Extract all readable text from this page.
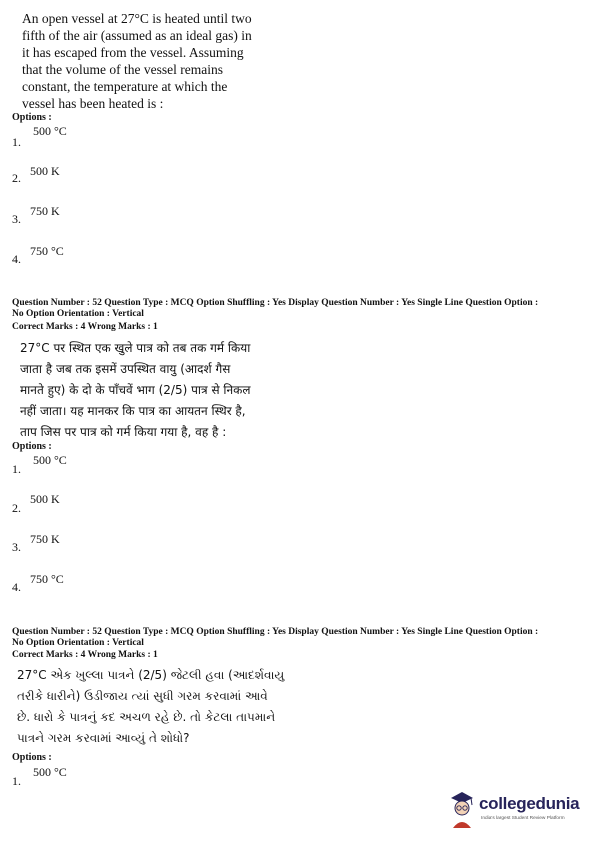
An open vessel at 27°C is heated until two
fifth of the air (assumed as an ideal gas) in
it has escaped from the vessel. Assuming
that the volume of the vessel remains
constant, the temperature at which the
vessel has been heated is :
Options :
1.
500 °C
2. 500 K
3.
750 K
4.
750 °C
Question Number : 52 Question Type : MCQ Option Shuffling : Yes Display Question Number : Yes Single Line Question Option :
No Option Orientation : Vertical
Correct Marks : 4 Wrong Marks : 1
27°C पर स्थित एक खुले पात्र को तब तक गर्म किया
जाता है जब तक इसमें उपस्थित वायु (आदर्श गैस
मानते हुए) के दो के पाँचवें भाग (2/5) पात्र से निकल
नहीं जाता। यह मानकर कि पात्र का आयतन स्थिर है,
ताप जिस पर पात्र को गर्म किया गया है, वह है :
Options :
1.
500 °C
2.
500 K
3.
750 K
4.
750 °C
Question Number : 52 Question Type : MCQ Option Shuffling : Yes Display Question Number : Yes Single Line Question Option :
No Option Orientation : Vertical
Correct Marks : 4 Wrong Marks : 1
27°C એક ખુલ્લા પાત્રને (2/5) જેટલી હવા (આદર્શવાયુ
તરીકે ધારીને) ઉડીજાય ત્યાં સુધી ગરમ કરવામાં આવે
છે. ધારો કે પાત્રનું કદ અચળ રહે છે. તો કેટલા તાપમાને
પાત્રને ગરમ કરવામાં આવ્યું તે શોધો?
Options :
1.
500 °C
collegedunia
India's largest Student Review Platform
